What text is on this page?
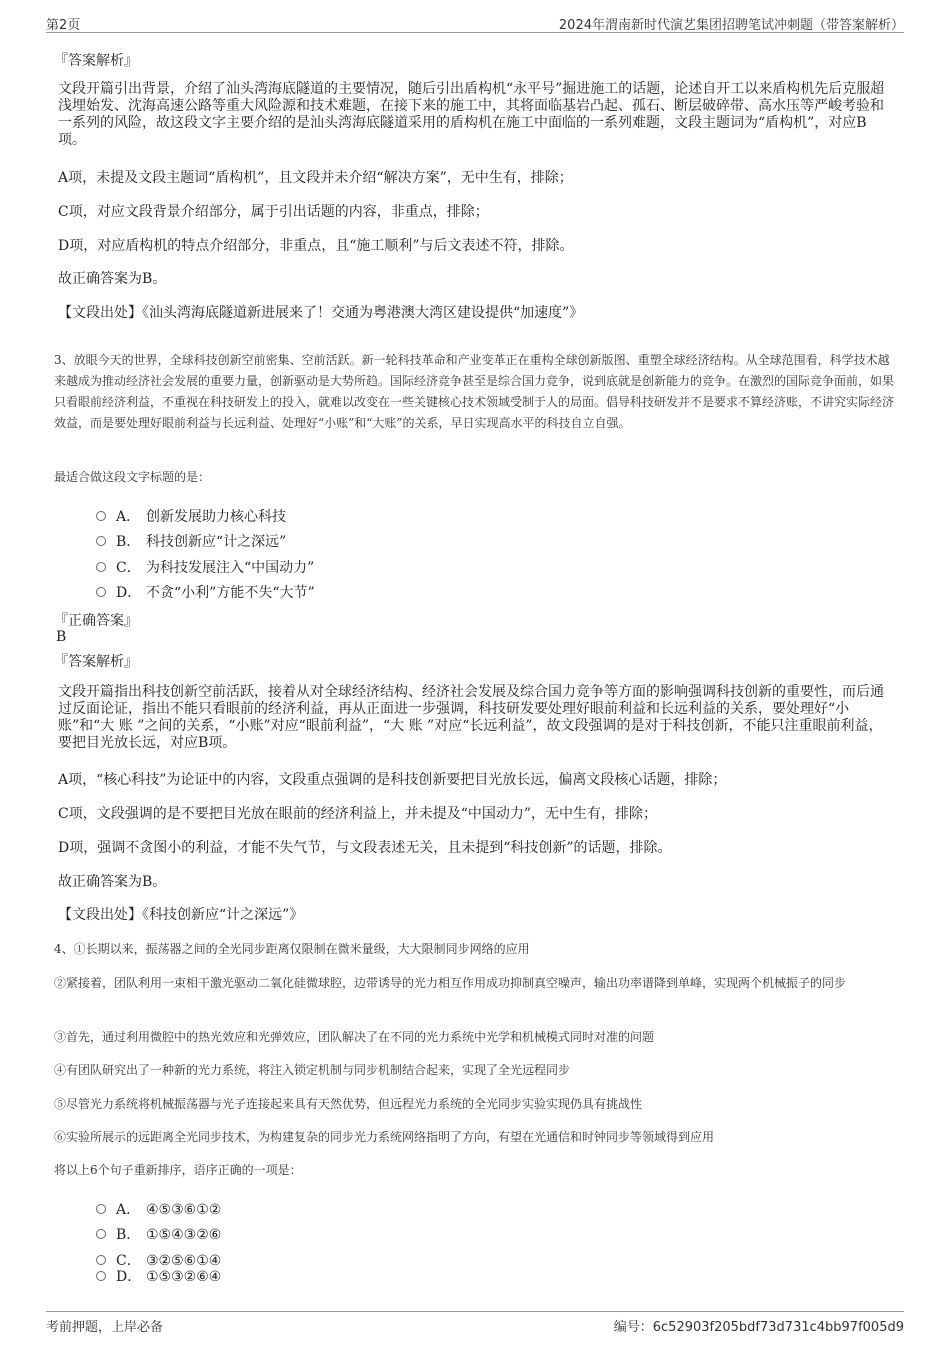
第2页	2024年渭南新时代演艺集团招聘笔试冲刺题（带答案解析）
『答案解析』
文段开篇引出背景，介绍了汕头湾海底隧道的主要情况，随后引出盾构机“永平号”掘进施工的话题，论述自开工以来盾构机先后克服超浅埋始发、沈海高速公路等重大风险源和技术难题，在接下来的施工中，其将面临基岩凸起、孤石、断层破碎带、高水压等严峻考验和一系列的风险，故这段文字主要介绍的是汕头湾海底隧道采用的盾构机在施工中面临的一系列难题，文段主题词为“盾构机”，对应B项。
A项，未提及文段主题词“盾构机”，且文段并未介绍“解决方案”，无中生有，排除；
C项，对应文段背景介绍部分，属于引出话题的内容，非重点，排除；
D项，对应盾构机的特点介绍部分，非重点，且“施工顺利”与后文表述不符，排除。
故正确答案为B。
【文段出处】《汕头湾海底隧道新进展来了！交通为粤港澳大湾区建设提供“加速度”》
3、放眼今天的世界，全球科技创新空前密集、空前活跃。新一轮科技革命和产业变革正在重构全球创新版图、重塑全球经济结构。从全球范围看，科学技术越来越成为推动经济社会发展的重要力量，创新驱动是大势所趋。国际经济竞争甚至是综合国力竞争，说到底就是创新能力的竞争。在激烈的国际竞争面前，如果只看眼前经济利益，不重视在科技研发上的投入，就难以改变在一些关键核心技术领域受制于人的局面。倡导科技研发并不是要求不算经济账，不讲究实际经济效益，而是要处理好眼前利益与长远利益、处理好“小账”和“大账”的关系，早日实现高水平的科技自立自强。
最适合做这段文字标题的是：
A． 创新发展助力核心科技
B． 科技创新应“计之深远”
C． 为科技发展注入“中国动力”
D． 不贪“小利”方能不失“大节”
『正确答案』
B
『答案解析』
文段开篇指出科技创新空前活跃，接着从对全球经济结构、经济社会发展及综合国力竞争等方面的影响强调科技创新的重要性，而后通过反面论证，指出不能只看眼前的经济利益，再从正面进一步强调，科技研发要处理好眼前利益和长远利益的关系，要处理好“小账”和“大 账 ”之间的关系，“小账”对应“眼前利益”，“大 账 ”对应“长远利益”，故文段强调的是对于科技创新，不能只注重眼前利益，要把目光放长远，对应B项。
A项，“核心科技”为论证中的内容，文段重点强调的是科技创新要把目光放长远，偏离文段核心话题，排除；
C项，文段强调的是不要把目光放在眼前的经济利益上，并未提及“中国动力”，无中生有，排除；
D项，强调不贪图小的利益，才能不失气节，与文段表述无关，且未提到“科技创新”的话题，排除。
故正确答案为B。
【文段出处】《科技创新应“计之深远”》
4、①长期以来，振荡器之间的全光同步距离仅限制在微米量级，大大限制同步网络的应用
②紧接着，团队利用一束相干激光驱动二氧化硅微球腔，边带诱导的光力相互作用成功抑制真空噪声，输出功率谱降到单峰，实现两个机械振子的同步
③首先，通过利用微腔中的热光效应和光弹效应，团队解决了在不同的光力系统中光学和机械模式同时对准的问题
④有团队研究出了一种新的光力系统，将注入锁定机制与同步机制结合起来，实现了全光远程同步
⑤尽管光力系统将机械振荡器与光子连接起来具有天然优势，但远程光力系统的全光同步实验实现仍具有挑战性
⑥实验所展示的远距离全光同步技术，为构建复杂的同步光力系统网络指明了方向，有望在光通信和时钟同步等领域得到应用
将以上6个句子重新排序，语序正确的一项是：
A． ④⑤③⑥①②
B． ①⑤④③②⑥
C． ③②⑤⑥①④
D． ①⑤③②⑥④
考前押题，上岸必备	编号：6c52903f205bdf73d731c4bb97f005d9
